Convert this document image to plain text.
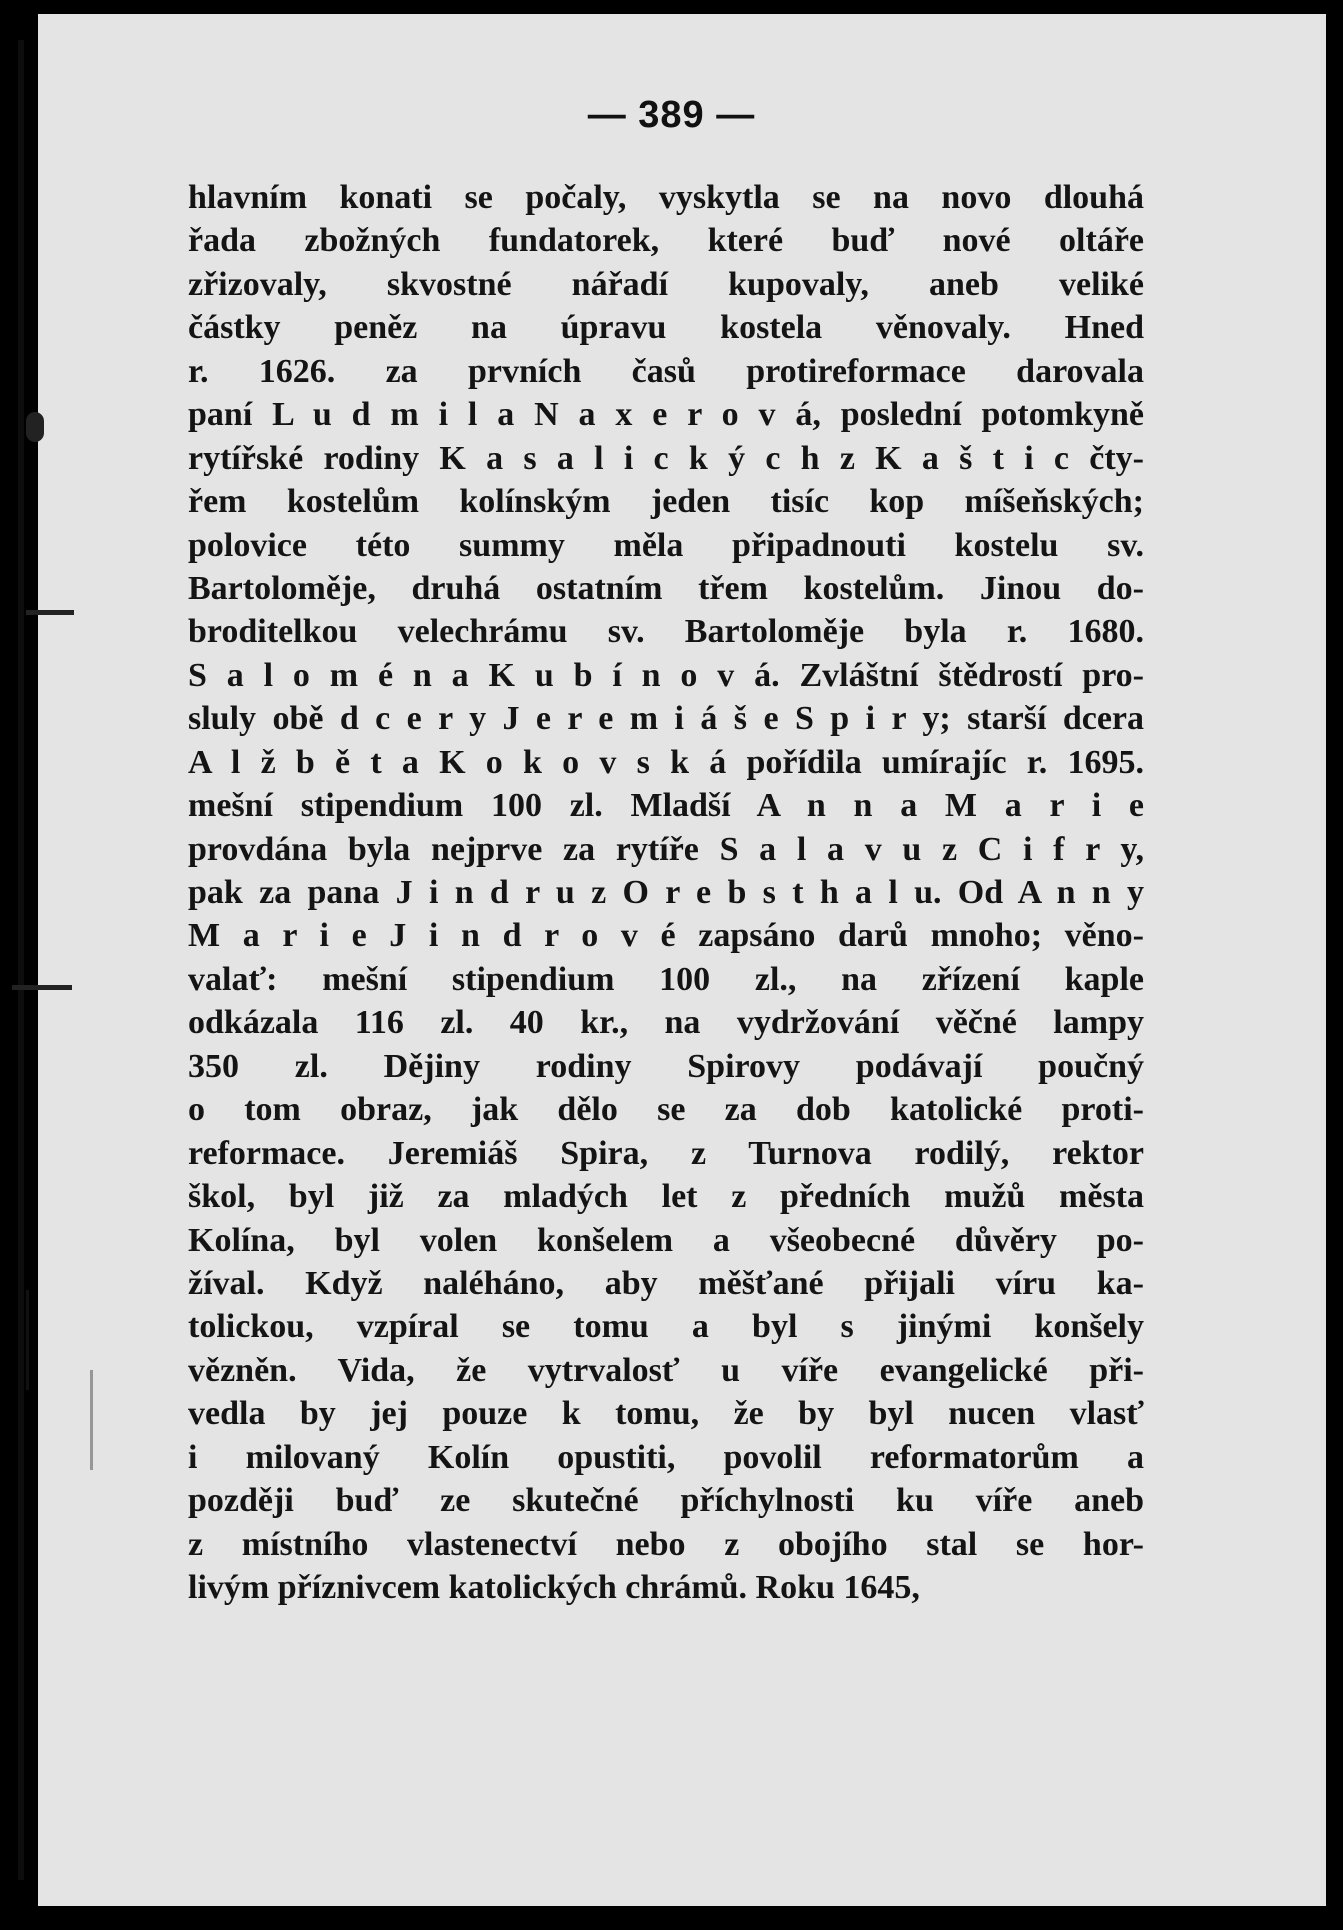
— 389 —
hlavním konati se počaly, vyskytla se na novo dlouhá
řada zbožných fundatorek, které buď nové oltáře
zřizovaly, skvostné nářadí kupovaly, aneb veliké
částky peněz na úpravu kostela věnovaly. Hned
r. 1626. za prvních časů protireformace darovala
paní L u d m i l a N a x e r o v á, poslední potomkyně
rytířské rodiny K a s a l i c k ý c h z K a š t i c čty-
řem kostelům kolínským jeden tisíc kop míšeňských;
polovice této summy měla připadnouti kostelu sv.
Bartoloměje, druhá ostatním třem kostelům. Jinou do-
broditelkou velechrámu sv. Bartoloměje byla r. 1680.
S a l o m é n a K u b í n o v á. Zvláštní štědrostí pro-
sluly obě d c e r y J e r e m i á š e S p i r y; starší dcera
A l ž b ě t a K o k o v s k á pořídila umírajíc r. 1695.
mešní stipendium 100 zl. Mladší A n n a M a r i e
provdána byla nejprve za rytíře S a l a v u z C i f r y,
pak za pana J i n d r u z O r e b s t h a l u. Od A n n y
M a r i e J i n d r o v é zapsáno darů mnoho; věno-
valať: mešní stipendium 100 zl., na zřízení kaple
odkázala 116 zl. 40 kr., na vydržování věčné lampy
350 zl. Dějiny rodiny Spirovy podávají poučný
o tom obraz, jak dělo se za dob katolické proti-
reformace. Jeremiáš Spira, z Turnova rodilý, rektor
škol, byl již za mladých let z předních mužů města
Kolína, byl volen konšelem a všeobecné důvěry po-
žíval. Když naléháno, aby měšťané přijali víru ka-
tolickou, vzpíral se tomu a byl s jinými konšely
vězněn. Vida, že vytrvalosť u víře evangelické při-
vedla by jej pouze k tomu, že by byl nucen vlasť
i milovaný Kolín opustiti, povolil reformatorům a
později buď ze skutečné příchylnosti ku víře aneb
z místního vlastenectví nebo z obojího stal se hor-
livým příznivcem katolických chrámů. Roku 1645,
